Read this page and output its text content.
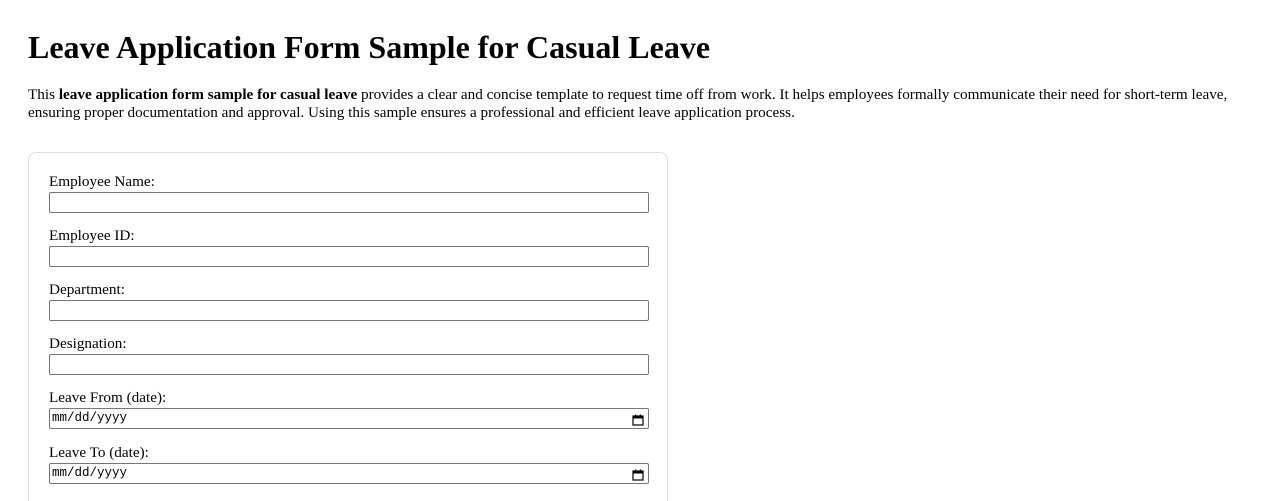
Leave Application Form Sample for Casual Leave

This leave application form sample for casual leave provides a clear and concise template to request time off from work. It helps employees formally communicate their need for short-term leave, ensuring proper documentation and approval. Using this sample ensures a professional and efficient leave application process.

Employee Name:
Employee ID:
Department:
Designation:
Leave From (date):
mm/dd/yyyy
Leave To (date):
mm/dd/yyyy
